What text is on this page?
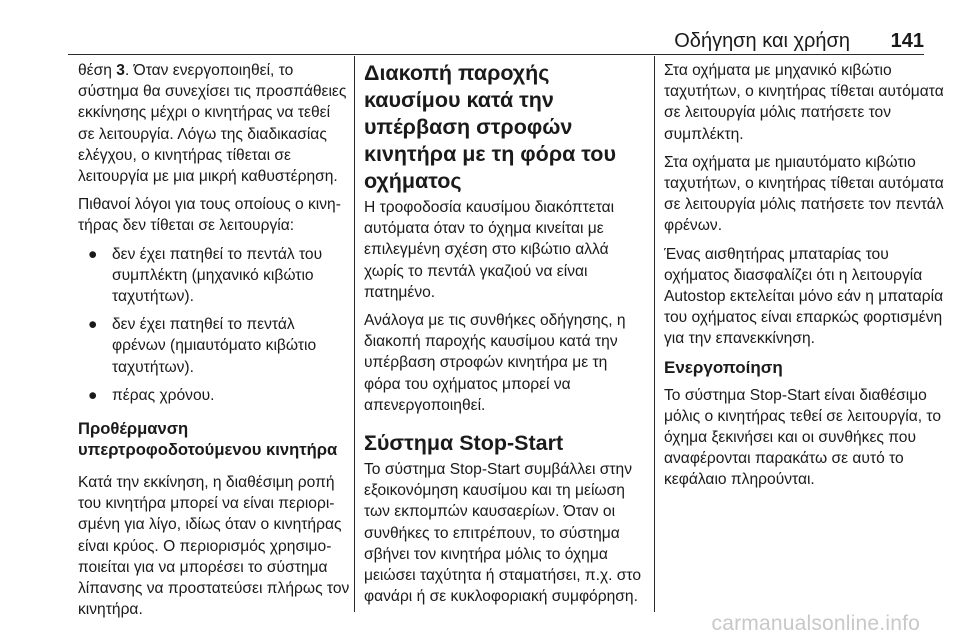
Οδήγηση και χρήση 141

θέση 3. Όταν ενεργοποιηθεί, το σύστημα θα συνεχίσει τις προσπάθειες εκκίνησης μέχρι ο κινητήρας να τεθεί σε λειτουργία. Λόγω της διαδικασίας ελέγχου, ο κινητήρας τίθεται σε λειτουργία με μια μικρή καθυστέρηση.

Πιθανοί λόγοι για τους οποίους ο κινητήρας δεν τίθεται σε λειτουργία:

● δεν έχει πατηθεί το πεντάλ του συμπλέκτη (μηχανικό κιβώτιο ταχυτήτων).
● δεν έχει πατηθεί το πεντάλ φρένων (ημιαυτόματο κιβώτιο ταχυτήτων).
● πέρας χρόνου.
Προθέρμανση
υπερτροφοδοτούμενου κινητήρα

Κατά την εκκίνηση, η διαθέσιμη ροπή του κινητήρα μπορεί να είναι περιορισμένη για λίγο, ιδίως όταν ο κινητήρας είναι κρύος. Ο περιορισμός χρησιμοποιείται για να μπορέσει το σύστημα λίπανσης να προστατεύσει πλήρως τον κινητήρα.

Διακοπή παροχής καυσίμου κατά την υπέρβαση στροφών κινητήρα με τη φόρα του οχήματος

Η τροφοδοσία καυσίμου διακόπτεται αυτόματα όταν το όχημα κινείται με επιλεγμένη σχέση στο κιβώτιο αλλά χωρίς το πεντάλ γκαζιού να είναι πατημένο.

Ανάλογα με τις συνθήκες οδήγησης, η διακοπή παροχής καυσίμου κατά την υπέρβαση στροφών κινητήρα με τη φόρα του οχήματος μπορεί να απενεργοποιηθεί.

Σύστημα Stop-Start

Το σύστημα Stop-Start συμβάλλει στην εξοικονόμηση καυσίμου και τη μείωση των εκπομπών καυσαερίων. Όταν οι συνθήκες το επιτρέπουν, το σύστημα σβήνει τον κινητήρα μόλις το όχημα μειώσει ταχύτητα ή σταματήσει, π.χ. στο φανάρι ή σε κυκλοφοριακή συμφόρηση.

Στα οχήματα με μηχανικό κιβώτιο ταχυτήτων, ο κινητήρας τίθεται αυτόματα σε λειτουργία μόλις πατήσετε τον συμπλέκτη.

Στα οχήματα με ημιαυτόματο κιβώτιο ταχυτήτων, ο κινητήρας τίθεται αυτόματα σε λειτουργία μόλις πατήσετε τον πεντάλ φρένων.

Ένας αισθητήρας μπαταρίας του οχήματος διασφαλίζει ότι η λειτουργία Autostop εκτελείται μόνο εάν η μπαταρία του οχήματος είναι επαρκώς φορτισμένη για την επανεκκίνηση.

Ενεργοποίηση

Το σύστημα Stop-Start είναι διαθέσιμο μόλις ο κινητήρας τεθεί σε λειτουργία, το όχημα ξεκινήσει και οι συνθήκες που αναφέρονται παρακάτω σε αυτό το κεφάλαιο πληρούνται.

carmanualsonline.info
